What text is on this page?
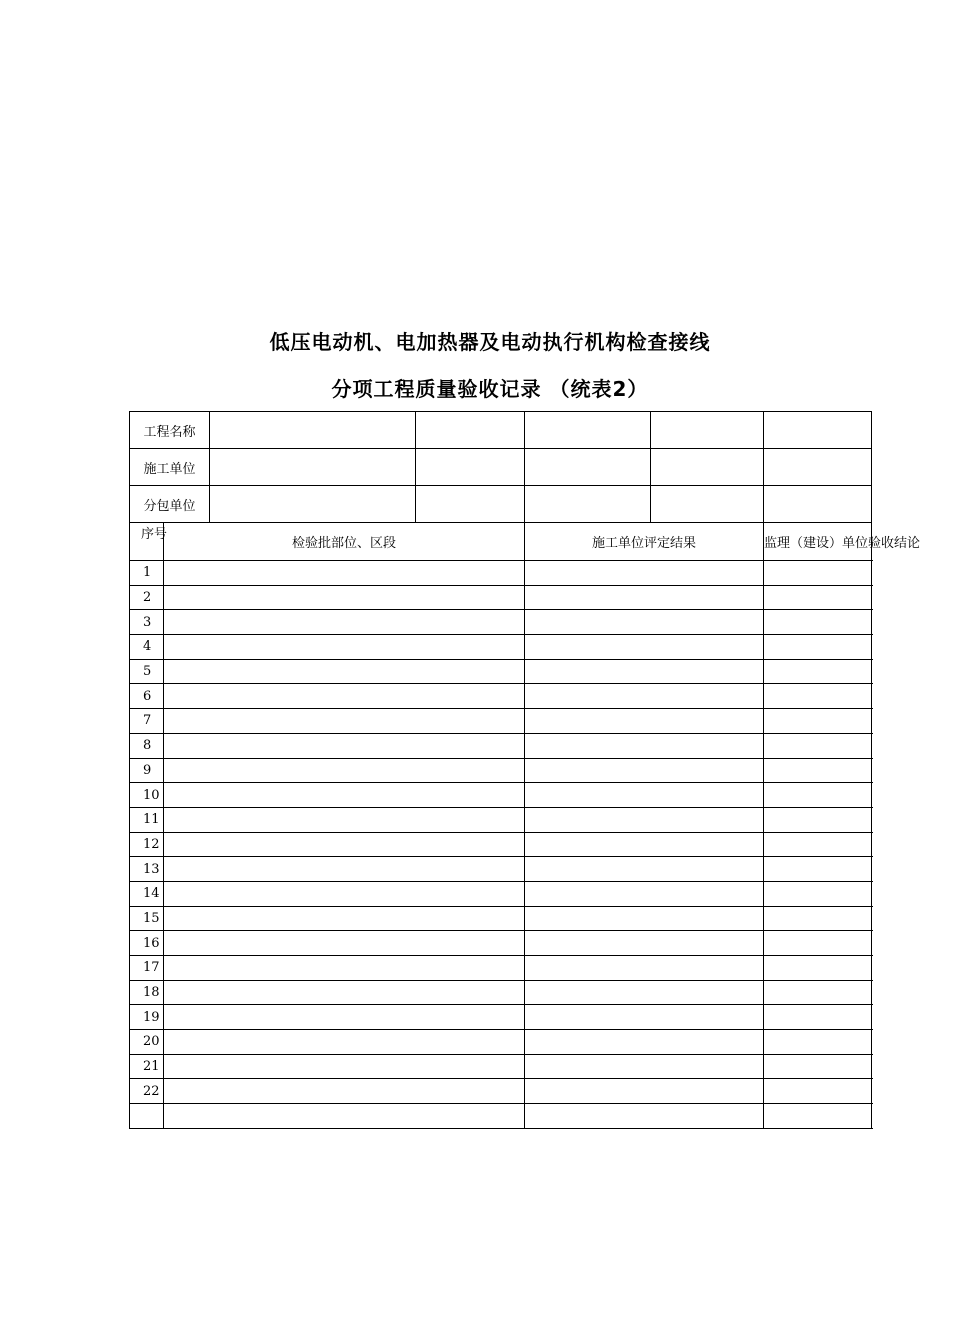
低压电动机、电加热器及电动执行机构检查接线
分项工程质量验收记录 （统表2）
工程名称						
施工单位						
分包单位						
序号	检验批部位、区段			施工单位评定结果		监理（建设）单位验收结论
1						
2						
3						
4						
5						
6						
7						
8						
9						
10						
11						
12						
13						
14						
15						
16						
17						
18						
19						
20						
21						
22						
